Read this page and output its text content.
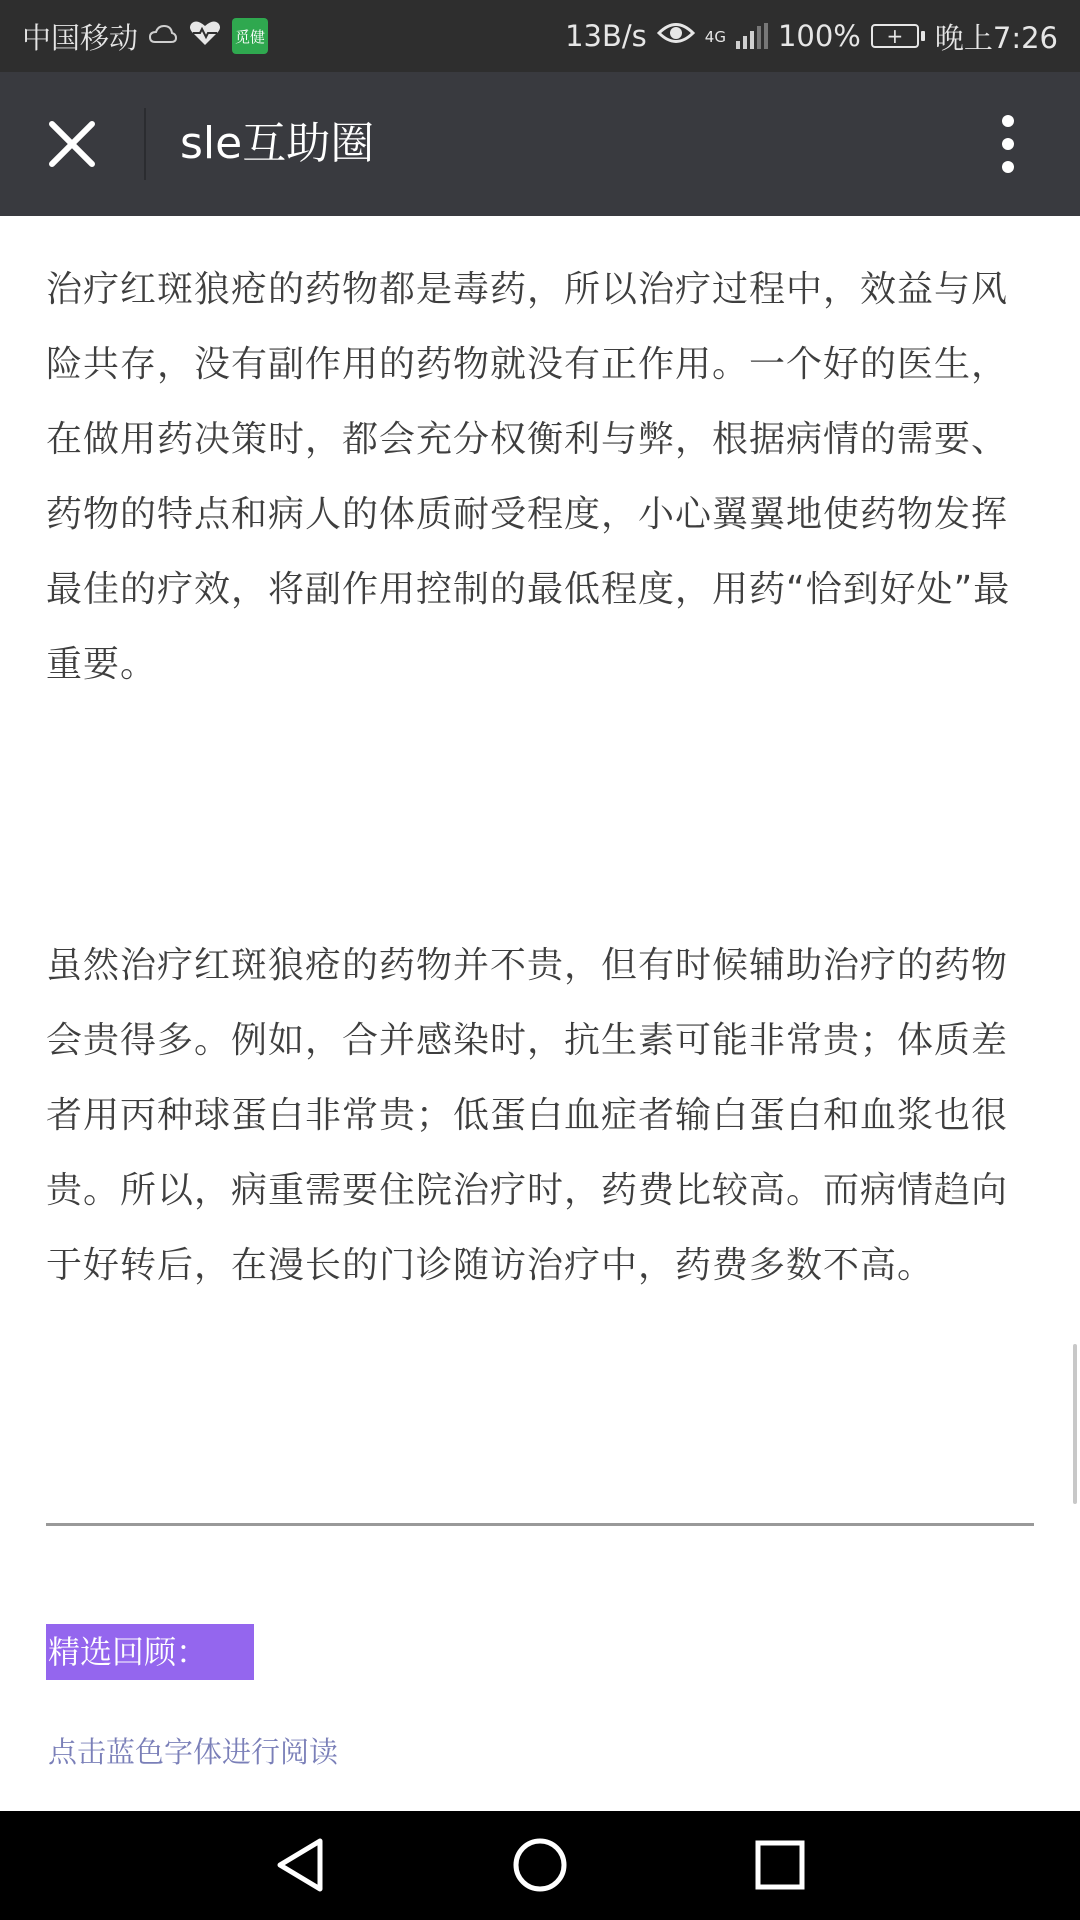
中国移动	觅健	13B/s	4G 100%	+	晚上7:26
sle互助圈

治疗红斑狼疮的药物都是毒药，所以治疗过程中，效益与风险共存，没有副作用的药物就没有正作用。一个好的医生，在做用药决策时，都会充分权衡利与弊，根据病情的需要、药物的特点和病人的体质耐受程度，小心翼翼地使药物发挥最佳的疗效，将副作用控制的最低程度，用药“恰到好处”最重要。

虽然治疗红斑狼疮的药物并不贵，但有时候辅助治疗的药物会贵得多。例如，合并感染时，抗生素可能非常贵；体质差者用丙种球蛋白非常贵；低蛋白血症者输白蛋白和血浆也很贵。所以，病重需要住院治疗时，药费比较高。而病情趋向于好转后，在漫长的门诊随访治疗中，药费多数不高。

精选回顾：
点击蓝色字体进行阅读
